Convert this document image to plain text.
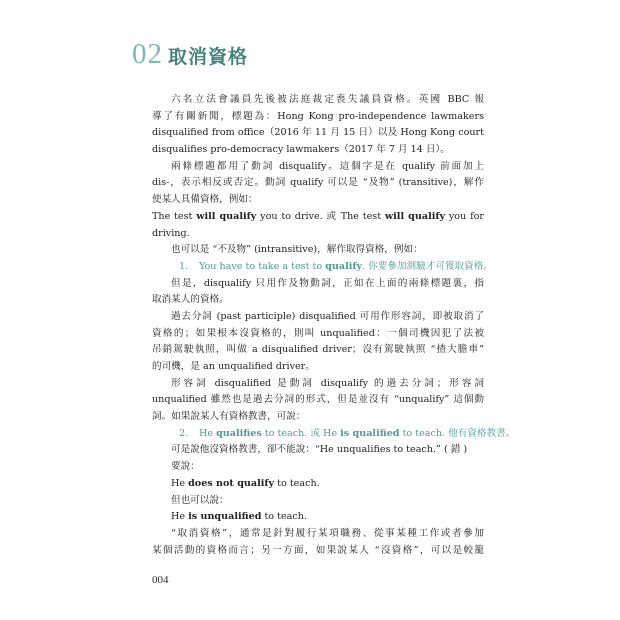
02 取消資格
六名立法會議員先後被法庭裁定喪失議員資格。英國 BBC 報
導了有關新聞，標題為：Hong Kong pro-independence lawmakers
disqualified from office（2016 年 11 月 15 日）以及 Hong Kong court
disqualifies pro-democracy lawmakers（2017 年 7 月 14 日）。
兩條標題都用了動詞 disqualify。這個字是在 qualify 前面加上
dis-，表示相反或否定。動詞 qualify 可以是 “及物” (transitive)，解作
使某人具備資格，例如：
The test will qualify you to drive. 或 The test will qualify you for
driving.
也可以是 “不及物” (intransitive)，解作取得資格，例如：
1. You have to take a test to qualify. 你要參加測驗才可獲取資格。
但是，disqualify 只用作及物動詞，正如在上面的兩條標題裏，指
取消某人的資格。
過去分詞 (past participle) disqualified 可用作形容詞，即被取消了
資格的；如果根本沒資格的，則叫 unqualified：一個司機因犯了法被
吊銷駕駛執照，叫做 a disqualified driver；沒有駕駛執照 “揸大膽車”
的司機，是 an unqualified driver。
形容詞 disqualified 是動詞 disqualify 的過去分詞；形容詞
unqualified 雖然也是過去分詞的形式，但是並沒有 “unqualify” 這個動
詞。如果說某人有資格教書，可說：
2. He qualifies to teach. 或 He is qualified to teach. 他有資格教書。
可是說他沒資格教書，卻不能說：“He unqualifies to teach.” ( 錯 )
要說：
He does not qualify to teach.
但也可以說：
He is unqualified to teach.
“取消資格”，通常是針對履行某項職務、從事某種工作或者參加
某個活動的資格而言；另一方面，如果說某人 “沒資格”，可以是較籠
004
